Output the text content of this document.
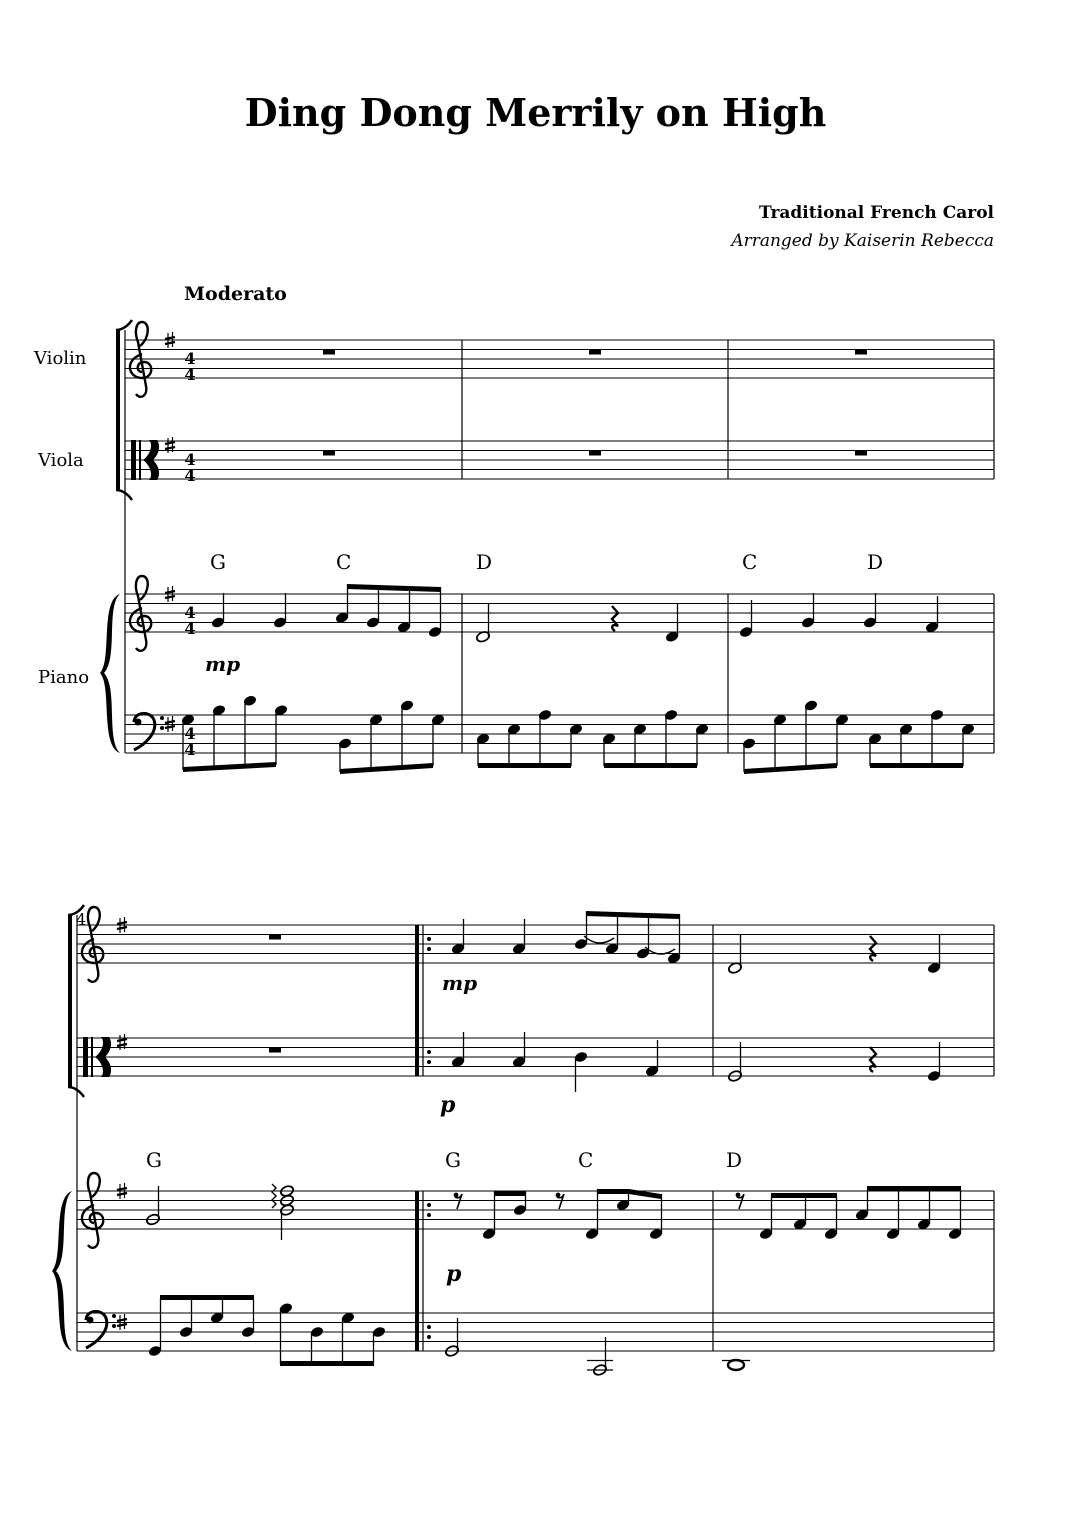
Ding Dong Merrily on High
Traditional French Carol
Arranged by Kaiserin Rebecca
Moderato
Violin
Viola
Piano
4
4
4
4
4
4
4
4
G	C	D	C	D
mp
4
mp
p
G	G	C	D
p
